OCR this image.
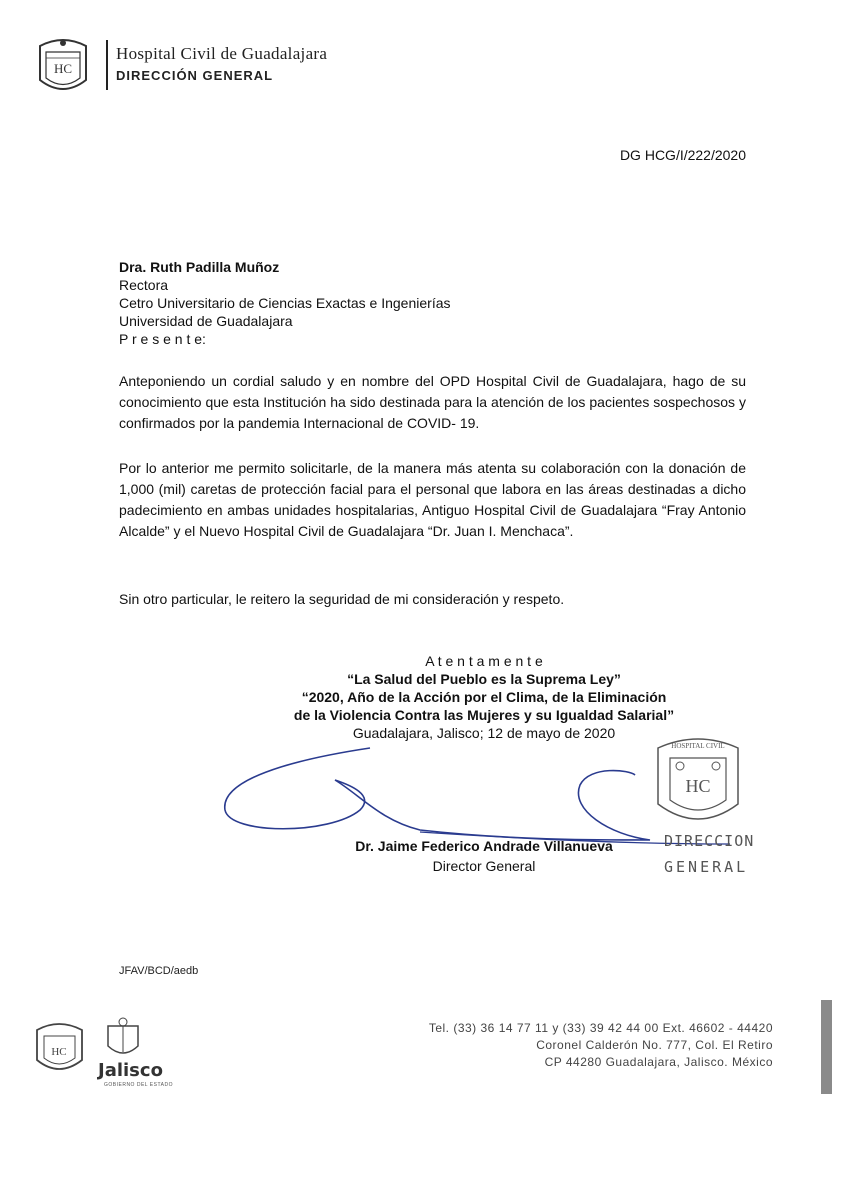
HC
Hospital Civil de Guadalajara
DIRECCIÓN GENERAL
DG HCG/I/222/2020
Dra. Ruth Padilla Muñoz
Rectora
Cetro Universitario de Ciencias Exactas e Ingenierías
Universidad de Guadalajara
P r e s e n t e:
Anteponiendo un cordial saludo y en nombre del OPD Hospital Civil de Guadalajara, hago de su conocimiento que esta Institución ha sido destinada para la atención de los pacientes sospechosos y confirmados por la pandemia Internacional de COVID- 19.
Por lo anterior me permito solicitarle, de la manera más atenta su colaboración con la donación de 1,000 (mil) caretas de protección facial para el personal que labora en las áreas destinadas a dicho padecimiento en ambas unidades hospitalarias, Antiguo Hospital Civil de Guadalajara “Fray Antonio Alcalde” y el Nuevo Hospital Civil de Guadalajara “Dr. Juan I. Menchaca”.
Sin otro particular, le reitero la seguridad de mi consideración y respeto.
A t e n t a m e n t e
“La Salud del Pueblo es la Suprema Ley”
“2020, Año de la Acción por el Clima, de la Eliminación
de la Violencia Contra las Mujeres y su Igualdad Salarial”
Guadalajara, Jalisco; 12 de mayo de 2020
HOSPITAL CIVIL
HC
DIRECCION
GENERAL
Dr. Jaime Federico Andrade Villanueva
Director General
JFAV/BCD/aedb
HC
Jalisco
GOBIERNO DEL ESTADO
Tel. (33) 36 14 77 11 y (33) 39 42 44 00 Ext. 46602 - 44420
Coronel Calderón No. 777, Col. El Retiro
CP 44280 Guadalajara, Jalisco. México
